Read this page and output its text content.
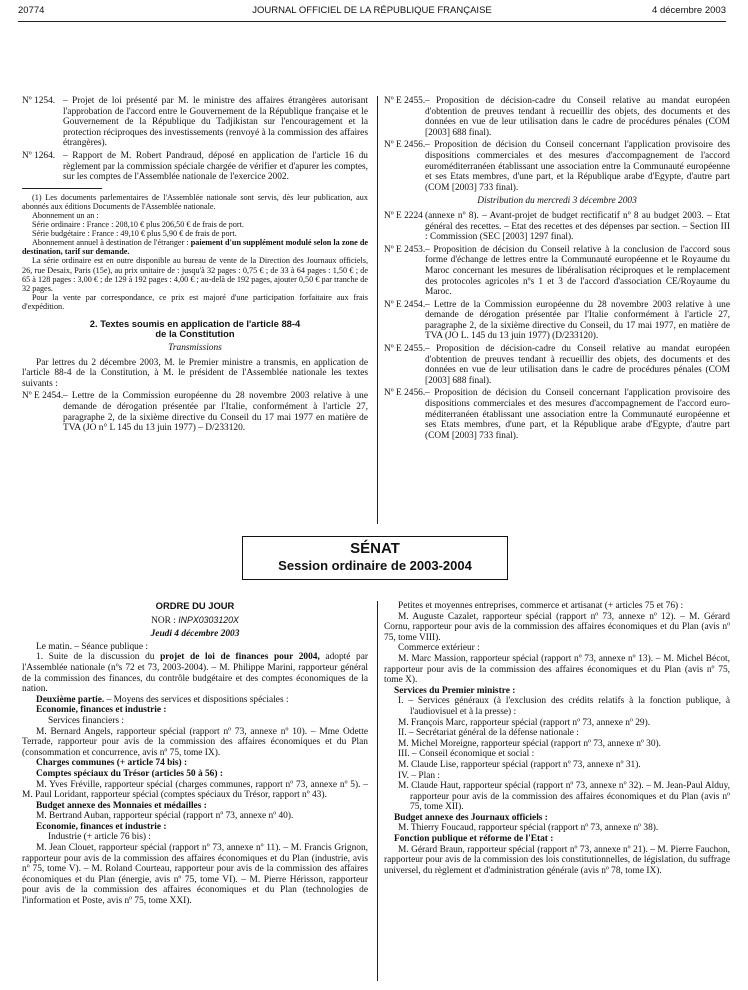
20774	JOURNAL OFFICIEL DE LA RÉPUBLIQUE FRANÇAISE	4 décembre 2003
Nº 1254. – Projet de loi présenté par M. le ministre des affaires étrangères autorisant l'approbation de l'accord entre le Gouvernement de la République française et le Gouvernement de la République du Tadjikistan sur l'encouragement et la protection réciproques des investissements (renvoyé à la commission des affaires étrangères).
Nº 1264. – Rapport de M. Robert Pandraud, déposé en application de l'article 16 du règlement par la commission spéciale chargée de vérifier et d'apurer les comptes, sur les comptes de l'Assemblée nationale de l'exercice 2002.

(1) Les documents parlementaires de l'Assemblée nationale sont servis, dès leur publication, aux abonnés aux éditions Documents de l'Assemblée nationale.

Abonnement un an :

Série ordinaire : France : 208,10 € plus 206,50 € de frais de port.

Série budgétaire : France : 49,10 € plus 5,90 € de frais de port.

Abonnement annuel à destination de l'étranger : paiement d'un supplément modulé selon la zone de destination, tarif sur demande.

La série ordinaire est en outre disponible au bureau de vente de la Direction des Journaux officiels, 26, rue Desaix, Paris (15e), au prix unitaire de : jusqu'à 32 pages : 0,75 € ; de 33 à 64 pages : 1,50 € ; de 65 à 128 pages : 3,00 € ; de 129 à 192 pages : 4,00 € ; au-delà de 192 pages, ajouter 0,50 € par tranche de 32 pages.

Pour la vente par correspondance, ce prix est majoré d'une participation forfaitaire aux frais d'expédition.

2. Textes soumis en application de l'article 88-4
de la Constitution
Transmissions

Par lettres du 2 décembre 2003, M. le Premier ministre a transmis, en application de l'article 88-4 de la Constitution, à M. le président de l'Assemblée nationale les textes suivants :

Nº E 2454. – Lettre de la Commission européenne du 28 novembre 2003 relative à une demande de dérogation présentée par l'Italie, conformément à l'article 27, paragraphe 2, de la sixième directive du Conseil du 17 mai 1977 en matière de TVA (JO n° L 145 du 13 juin 1977) – D/233120.
Nº E 2455. – Proposition de décision-cadre du Conseil relative au mandat européen d'obtention de preuves tendant à recueillir des objets, des documents et des données en vue de leur utilisation dans le cadre de procédures pénales (COM [2003] 688 final).
Nº E 2456. – Proposition de décision du Conseil concernant l'application provisoire des dispositions commerciales et des mesures d'accompagnement de l'accord euroméditerranéen établissant une association entre la Communauté européenne et ses Etats membres, d'une part, et la République arabe d'Egypte, d'autre part (COM [2003] 733 final).
Distribution du mercredi 3 décembre 2003
Nº E 2224 (annexe nº 8). – Avant-projet de budget rectificatif nº 8 au budget 2003. – Etat général des recettes. – Etat des recettes et des dépenses par section. – Section III : Commission (SEC [2003] 1297 final).
Nº E 2453. – Proposition de décision du Conseil relative à la conclusion de l'accord sous forme d'échange de lettres entre la Communauté européenne et le Royaume du Maroc concernant les mesures de libéralisation réciproques et le remplacement des protocoles agricoles nºs 1 et 3 de l'accord d'association CE/Royaume du Maroc.
Nº E 2454. – Lettre de la Commission européenne du 28 novembre 2003 relative à une demande de dérogation présentée par l'Italie conformément à l'article 27, paragraphe 2, de la sixième directive du Conseil, du 17 mai 1977, en matière de TVA (JO L. 145 du 13 juin 1977) (D/233120).
Nº E 2455. – Proposition de décision-cadre du Conseil relative au mandat européen d'obtention de preuves tendant à recueillir des objets, des documents et des données en vue de leur utilisation dans le cadre de procédures pénales (COM [2003] 688 final).
Nº E 2456. – Proposition de décision du Conseil concernant l'application provisoire des dispositions commerciales et des mesures d'accompagnement de l'accord euro-méditerranéen établissant une association entre la Communauté européenne et ses Etats membres, d'une part, et la République arabe d'Egypte, d'autre part (COM [2003] 733 final).
SÉNAT
Session ordinaire de 2003-2004
ORDRE DU JOUR
NOR : INPX0303120X
Jeudi 4 décembre 2003

Le matin. – Séance publique :

1. Suite de la discussion du projet de loi de finances pour 2004, adopté par l'Assemblée nationale (nºs 72 et 73, 2003-2004). – M. Philippe Marini, rapporteur général de la commission des finances, du contrôle budgétaire et des comptes économiques de la nation.

Deuxième partie. – Moyens des services et dispositions spéciales :

Economie, finances et industrie :

Services financiers :

M. Bernard Angels, rapporteur spécial (rapport nº 73, annexe nº 10). – Mme Odette Terrade, rapporteur pour avis de la commission des affaires économiques et du Plan (consommation et concurrence, avis nº 75, tome IX).

Charges communes (+ article 74 bis) :

Comptes spéciaux du Trésor (articles 50 à 56) :

M. Yves Fréville, rapporteur spécial (charges communes, rapport nº 73, annexe nº 5). – M. Paul Loridant, rapporteur spécial (comptes spéciaux du Trésor, rapport nº 43).

Budget annexe des Monnaies et médailles :

M. Bertrand Auban, rapporteur spécial (rapport nº 73, annexe nº 40).

Economie, finances et industrie :

Industrie (+ article 76 bis) :

M. Jean Clouet, rapporteur spécial (rapport nº 73, annexe nº 11). – M. Francis Grignon, rapporteur pour avis de la commission des affaires économiques et du Plan (industrie, avis nº 75, tome V). – M. Roland Courteau, rapporteur pour avis de la commission des affaires économiques et du Plan (énergie, avis nº 75, tome VI). – M. Pierre Hérisson, rapporteur pour avis de la commission des affaires économiques et du Plan (technologies de l'information et Poste, avis nº 75, tome XXI).

Petites et moyennes entreprises, commerce et artisanat (+ articles 75 et 76) :

M. Auguste Cazalet, rapporteur spécial (rapport nº 73, annexe nº 12). – M. Gérard Cornu, rapporteur pour avis de la commission des affaires économiques et du Plan (avis nº 75, tome VIII).

Commerce extérieur :

M. Marc Massion, rapporteur spécial (rapport nº 73, annexe nº 13). – M. Michel Bécot, rapporteur pour avis de la commission des affaires économiques et du Plan (avis nº 75, tome X).

Services du Premier ministre :

I. – Services généraux (à l'exclusion des crédits relatifs à la fonction publique, à l'audiovisuel et à la presse) :
M. François Marc, rapporteur spécial (rapport nº 73, annexe nº 29).
II. – Secrétariat général de la défense nationale :
M. Michel Moreigne, rapporteur spécial (rapport nº 73, annexe nº 30).
III. – Conseil économique et social :
M. Claude Lise, rapporteur spécial (rapport nº 73, annexe nº 31).
IV. – Plan :
M. Claude Haut, rapporteur spécial (rapport nº 73, annexe nº 32). – M. Jean-Paul Alduy, rapporteur pour avis de la commission des affaires économiques et du Plan (avis nº 75, tome XII).

Budget annexe des Journaux officiels :

M. Thierry Foucaud, rapporteur spécial (rapport nº 73, annexe nº 38).

Fonction publique et réforme de l'Etat :

M. Gérard Braun, rapporteur spécial (rapport nº 73, annexe nº 21). – M. Pierre Fauchon, rapporteur pour avis de la commission des lois constitutionnelles, de législation, du suffrage universel, du règlement et d'administration générale (avis nº 78, tome IX).
